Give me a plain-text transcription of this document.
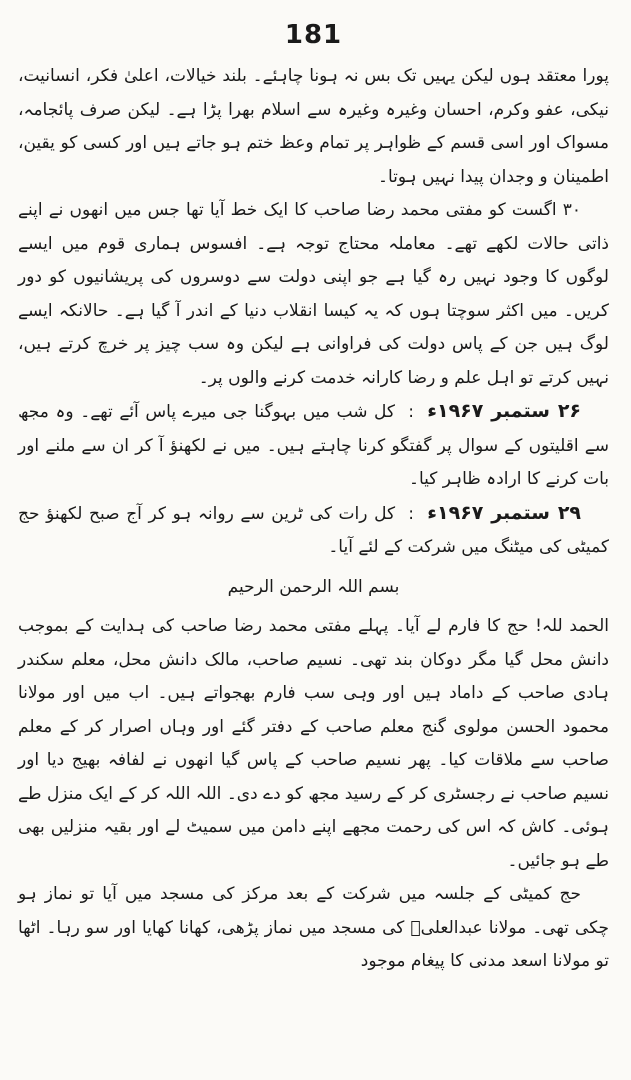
181

پورا معتقد ہوں لیکن یہیں تک بس نہ ہونا چاہئے۔ بلند خیالات، اعلیٰ فکر، انسانیت، نیکی، عفو وکرم، احسان وغیرہ وغیرہ سے اسلام بھرا پڑا ہے۔ لیکن صرف پائجامہ، مسواک اور اسی قسم کے ظواہر پر تمام وعظ ختم ہو جاتے ہیں اور کسی کو یقین، اطمینان و وجدان پیدا نہیں ہوتا۔

۳۰ اگست کو مفتی محمد رضا صاحب کا ایک خط آیا تھا جس میں انھوں نے اپنے ذاتی حالات لکھے تھے۔ معاملہ محتاج توجہ ہے۔ افسوس ہماری قوم میں ایسے لوگوں کا وجود نہیں رہ گیا ہے جو اپنی دولت سے دوسروں کی پریشانیوں کو دور کریں۔ میں اکثر سوچتا ہوں کہ یہ کیسا انقلاب دنیا کے اندر آ گیا ہے۔ حالانکہ ایسے لوگ ہیں جن کے پاس دولت کی فراوانی ہے لیکن وہ سب چیز پر خرچ کرتے ہیں، نہیں کرتے تو اہل علم و رضا کارانہ خدمت کرنے والوں پر۔

۲۶ ستمبر ۱۹۶۷ء  :  کل شب میں بہوگنا جی میرے پاس آئے تھے۔ وہ مجھ سے اقلیتوں کے سوال پر گفتگو کرنا چاہتے ہیں۔ میں نے لکھنؤ آ کر ان سے ملنے اور بات کرنے کا ارادہ ظاہر کیا۔

۲۹ ستمبر ۱۹۶۷ء  :  کل رات کی ٹرین سے روانہ ہو کر آج صبح لکھنؤ حج کمیٹی کی میٹنگ میں شرکت کے لئے آیا۔

بسم اللہ الرحمن الرحیم

الحمد للہ! حج کا فارم لے آیا۔ پہلے مفتی محمد رضا صاحب کی ہدایت کے بموجب دانش محل گیا مگر دوکان بند تھی۔ نسیم صاحب، مالک دانش محل، معلم سکندر ہادی صاحب کے داماد ہیں اور وہی سب فارم بھجواتے ہیں۔ اب میں اور مولانا محمود الحسن مولوی گنج معلم صاحب کے دفتر گئے اور وہاں اصرار کر کے معلم صاحب سے ملاقات کیا۔ پھر نسیم صاحب کے پاس گیا انھوں نے لفافہ بھیج دیا اور نسیم صاحب نے رجسٹری کر کے رسید مجھ کو دے دی۔ اللہ اللہ کر کے ایک منزل طے ہوئی۔ کاش کہ اس کی رحمت مجھے اپنے دامن میں سمیٹ لے اور بقیہ منزلیں بھی طے ہو جائیں۔

حج کمیٹی کے جلسہ میں شرکت کے بعد مرکز کی مسجد میں آیا تو نماز ہو چکی تھی۔ مولانا عبدالعلیؒ کی مسجد میں نماز پڑھی، کھانا کھایا اور سو رہا۔ اٹھا تو مولانا اسعد مدنی کا پیغام موجود
